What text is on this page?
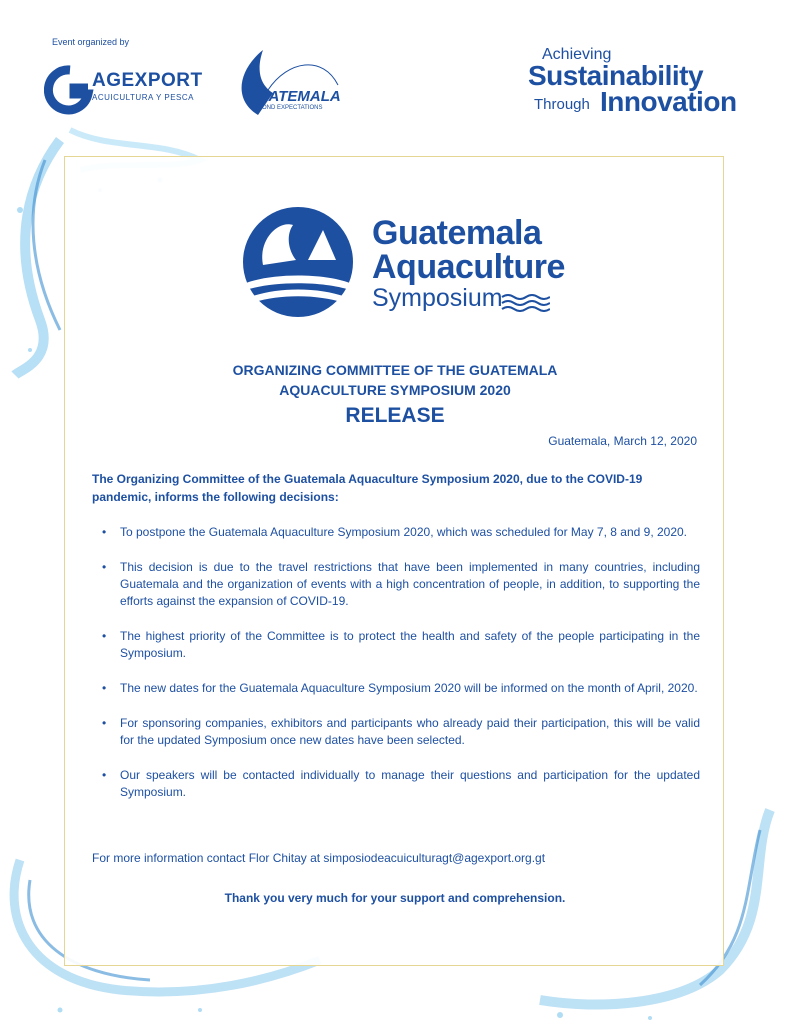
Event organized by
AGEXPORT
ACUICULTURA Y PESCA	GUATEMALA
BEYOND EXPECTATIONS
Achieving
Sustainability
Through Innovation
Guatemala
Aquaculture
Symposium
ORGANIZING COMMITTEE OF THE GUATEMALA
AQUACULTURE SYMPOSIUM 2020
RELEASE
Guatemala, March 12, 2020
The Organizing Committee of the Guatemala Aquaculture Symposium 2020, due to the COVID-19 pandemic, informs the following decisions:
• To postpone the Guatemala Aquaculture Symposium 2020, which was scheduled for May 7, 8 and 9, 2020.
• This decision is due to the travel restrictions that have been implemented in many countries, including Guatemala and the organization of events with a high concentration of people, in addition, to supporting the efforts against the expansion of COVID-19.
• The highest priority of the Committee is to protect the health and safety of the people participating in the Symposium.
• The new dates for the Guatemala Aquaculture Symposium 2020 will be informed on the month of April, 2020.
• For sponsoring companies, exhibitors and participants who already paid their participation, this will be valid for the updated Symposium once new dates have been selected.
• Our speakers will be contacted individually to manage their questions and participation for the updated Symposium.
For more information contact Flor Chitay at simposiodeacuiculturagt@agexport.org.gt
Thank you very much for your support and comprehension.
